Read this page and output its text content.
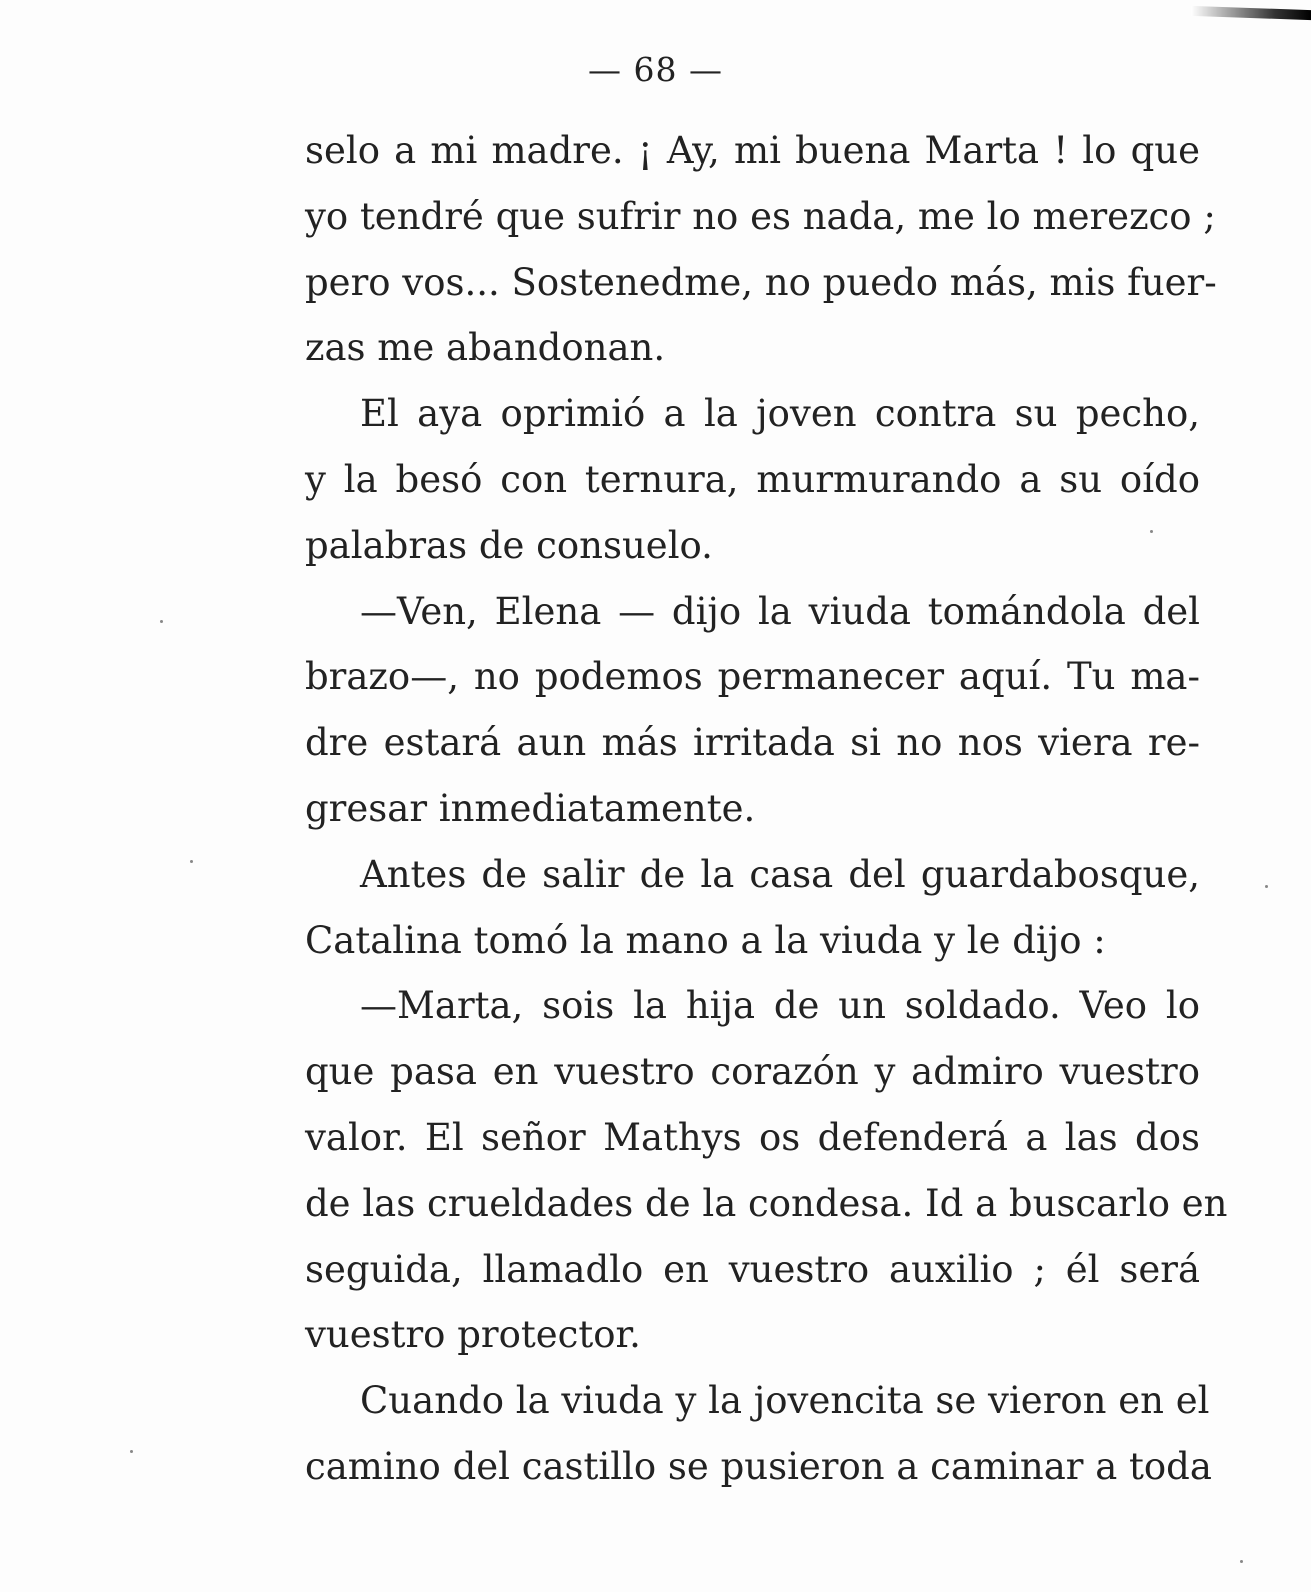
— 68 —
selo a mi madre. ¡ Ay, mi buena Marta ! lo que
yo tendré que sufrir no es nada, me lo merezco ;
pero vos... Sostenedme, no puedo más, mis fuer-
zas me abandonan.
El aya oprimió a la joven contra su pecho,
y la besó con ternura, murmurando a su oído
palabras de consuelo.
—Ven, Elena — dijo la viuda tomándola del
brazo—, no podemos permanecer aquí. Tu ma-
dre estará aun más irritada si no nos viera re-
gresar inmediatamente.
Antes de salir de la casa del guardabosque,
Catalina tomó la mano a la viuda y le dijo :
—Marta, sois la hija de un soldado. Veo lo
que pasa en vuestro corazón y admiro vuestro
valor. El señor Mathys os defenderá a las dos
de las crueldades de la condesa. Id a buscarlo en
seguida, llamadlo en vuestro auxilio ; él será
vuestro protector.
Cuando la viuda y la jovencita se vieron en el
camino del castillo se pusieron a caminar a toda
